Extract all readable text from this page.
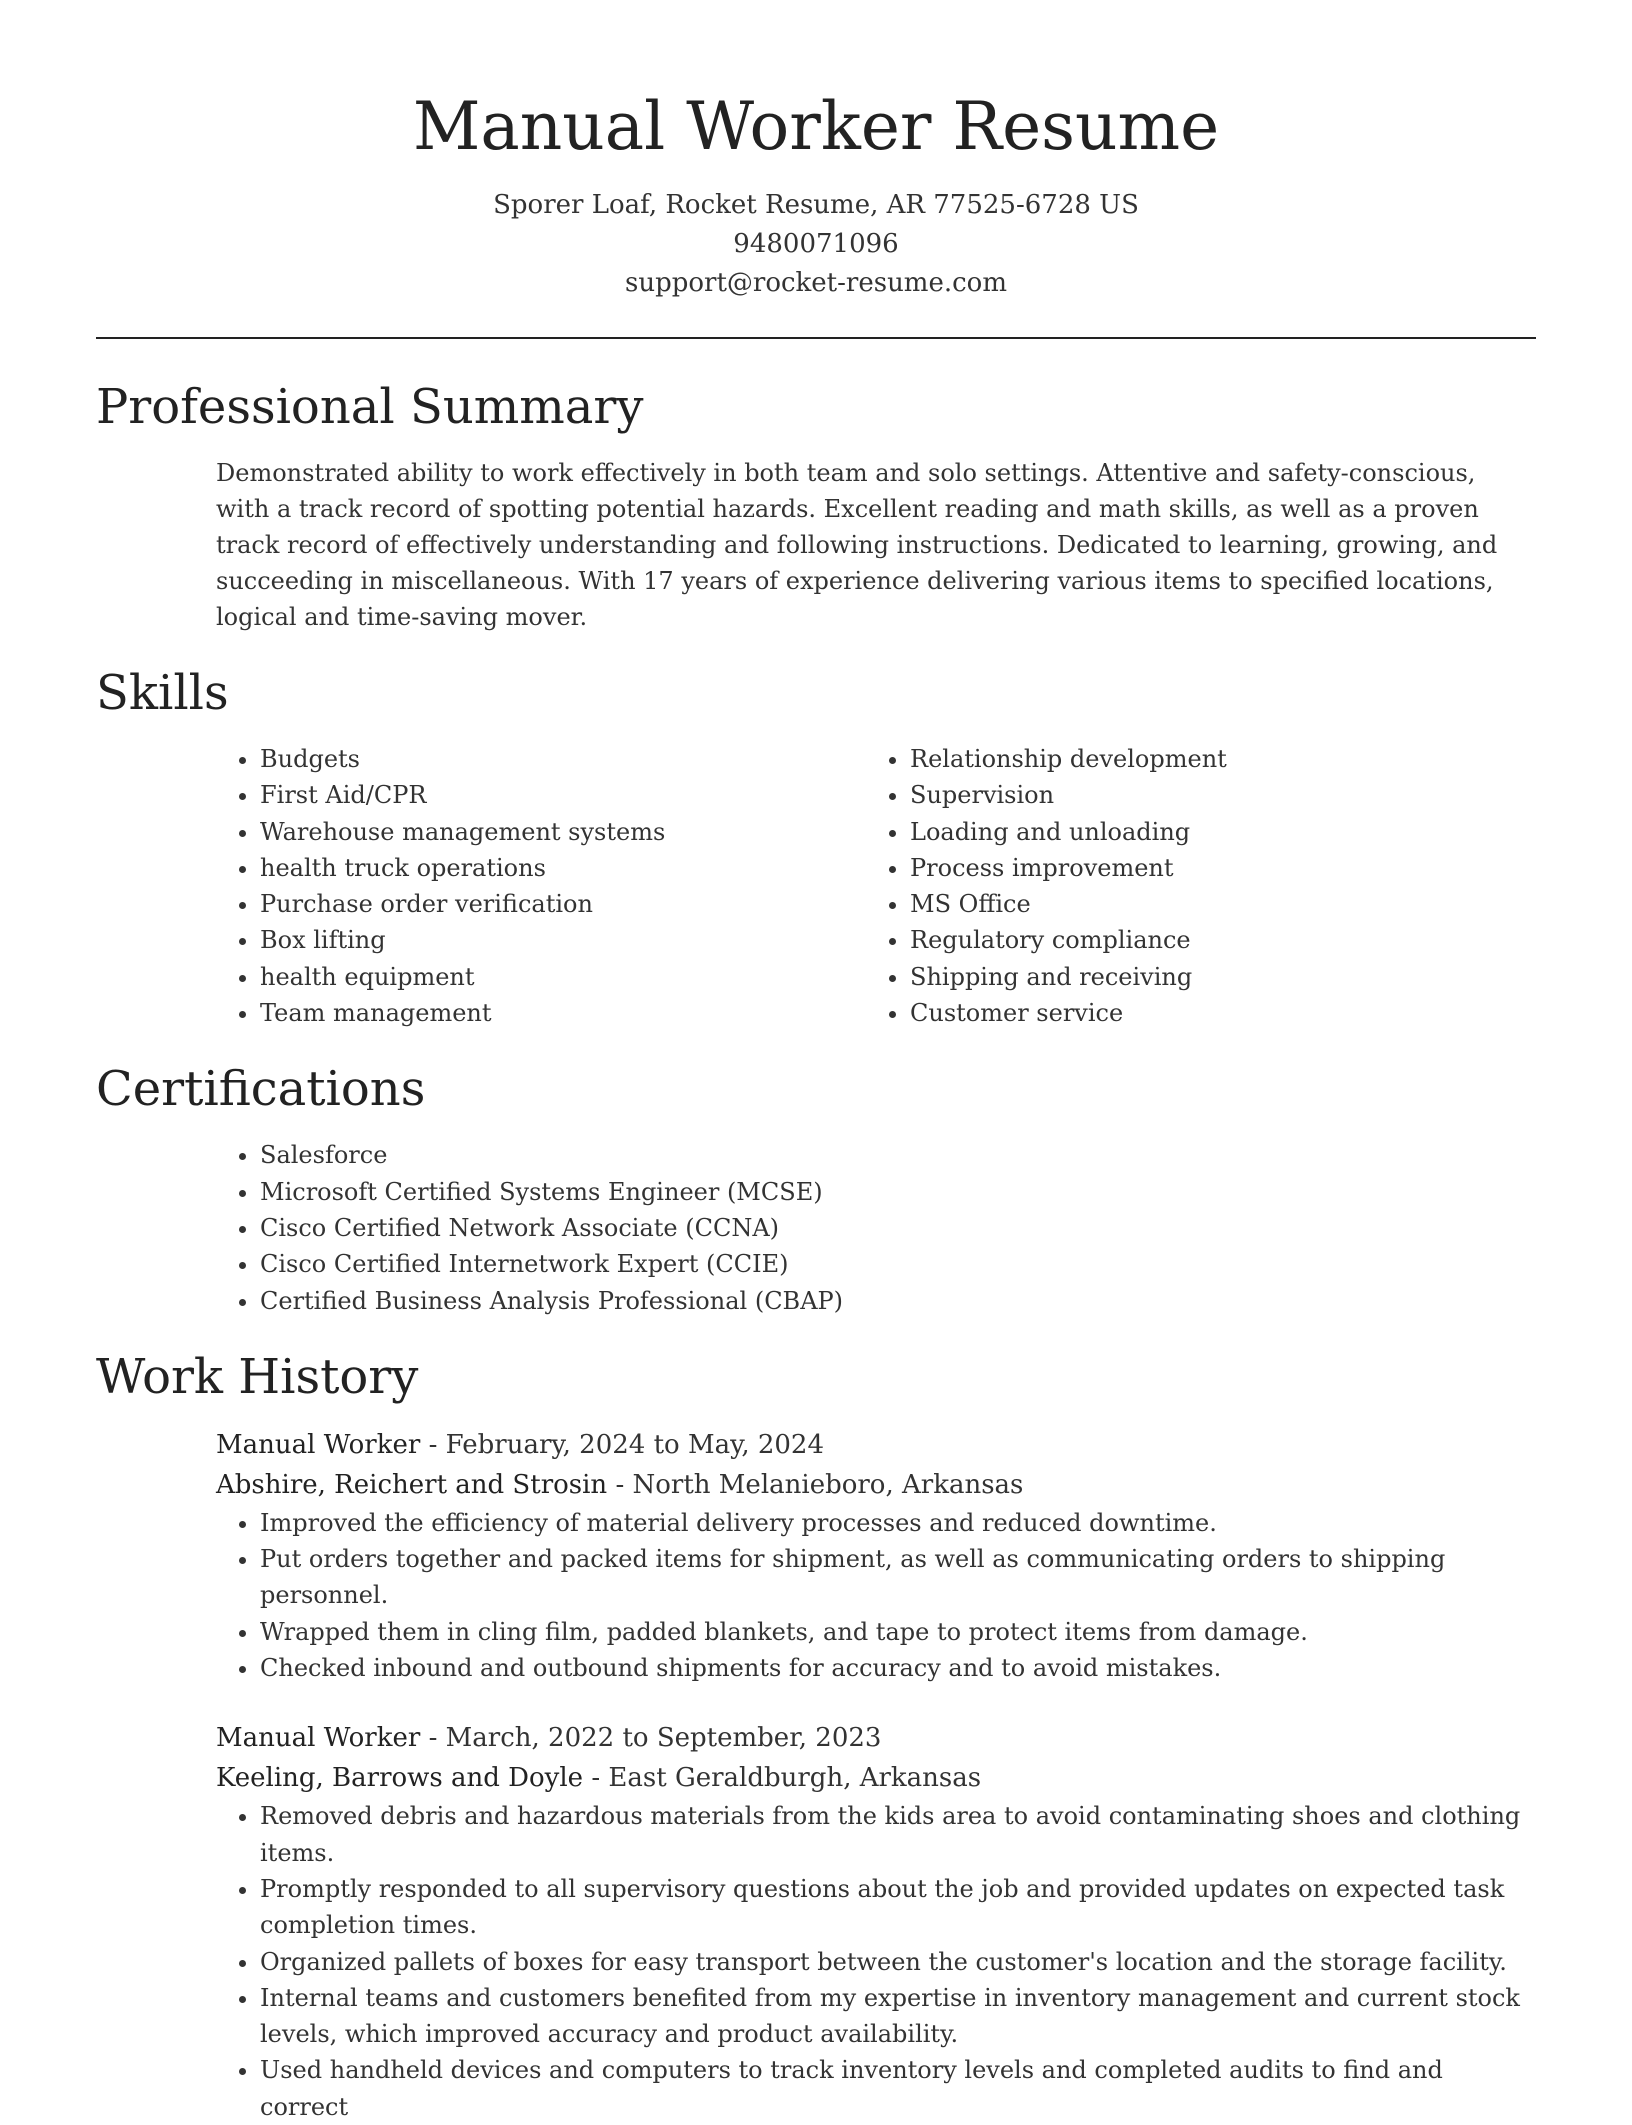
Manual Worker Resume
Sporer Loaf, Rocket Resume, AR 77525-6728 US
9480071096
support@rocket-resume.com
Professional Summary

Demonstrated ability to work effectively in both team and solo settings. Attentive and safety-conscious, with a track record of spotting potential hazards. Excellent reading and math skills, as well as a proven track record of effectively understanding and following instructions. Dedicated to learning, growing, and succeeding in miscellaneous. With 17 years of experience delivering various items to specified locations, logical and time-saving mover.

Skills
• Budgets
• First Aid/CPR
• Warehouse management systems
• health truck operations
• Purchase order verification
• Box lifting
• health equipment
• Team management
• Relationship development
• Supervision
• Loading and unloading
• Process improvement
• MS Office
• Regulatory compliance
• Shipping and receiving
• Customer service
Certifications
• Salesforce
• Microsoft Certified Systems Engineer (MCSE)
• Cisco Certified Network Associate (CCNA)
• Cisco Certified Internetwork Expert (CCIE)
• Certified Business Analysis Professional (CBAP)
Work History
Manual Worker - February, 2024 to May, 2024
Abshire, Reichert and Strosin - North Melanieboro, Arkansas
• Improved the efficiency of material delivery processes and reduced downtime.
• Put orders together and packed items for shipment, as well as communicating orders to shipping personnel.
• Wrapped them in cling film, padded blankets, and tape to protect items from damage.
• Checked inbound and outbound shipments for accuracy and to avoid mistakes.
Manual Worker - March, 2022 to September, 2023
Keeling, Barrows and Doyle - East Geraldburgh, Arkansas
• Removed debris and hazardous materials from the kids area to avoid contaminating shoes and clothing items.
• Promptly responded to all supervisory questions about the job and provided updates on expected task completion times.
• Organized pallets of boxes for easy transport between the customer's location and the storage facility.
• Internal teams and customers benefited from my expertise in inventory management and current stock levels, which improved accuracy and product availability.
• Used handheld devices and computers to track inventory levels and completed audits to find and correct
